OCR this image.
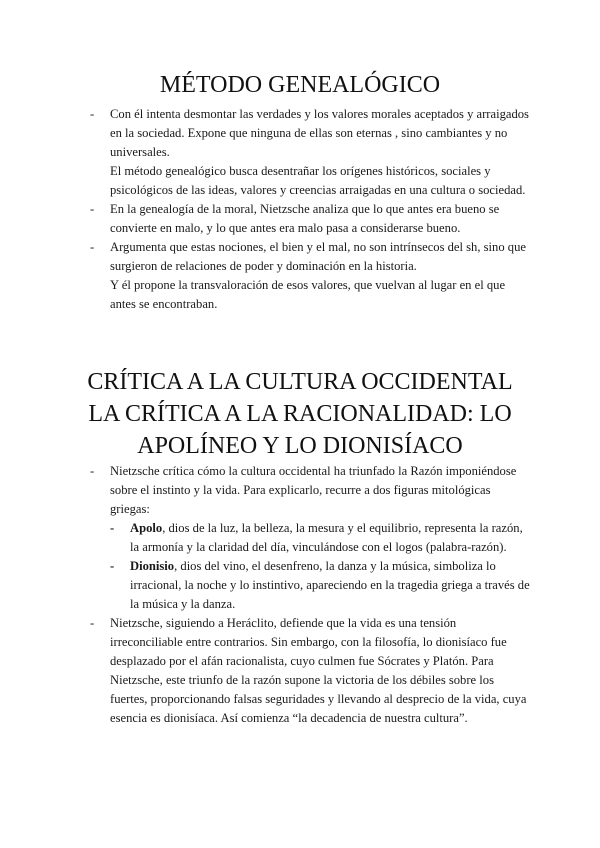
MÉTODO GENEALÓGICO
-	Con él intenta desmontar las verdades y los valores morales aceptados y arraigados en la sociedad. Expone que ninguna de ellas son eternas , sino cambiantes y no universales.

El método genealógico busca desentrañar los orígenes históricos, sociales y psicológicos de las ideas, valores y creencias arraigadas en una cultura o sociedad.

-	En la genealogía de la moral, Nietzsche analiza que lo que antes era bueno se convierte en malo, y lo que antes era malo pasa a considerarse bueno.

-	Argumenta que estas nociones, el bien y el mal, no son intrínsecos del sh, sino que surgieron de relaciones de poder y dominación en la historia.

Y él propone la transvaloración de esos valores, que vuelvan al lugar en el que antes se encontraban.

CRÍTICA A LA CULTURA OCCIDENTAL
LA CRÍTICA A LA RACIONALIDAD: LO APOLÍNEO Y LO DIONISÍACO
-	Nietzsche crítica cómo la cultura occidental ha triunfado la Razón imponiéndose sobre el instinto y la vida. Para explicarlo, recurre a dos figuras mitológicas griegas:

- Apolo, dios de la luz, la belleza, la mesura y el equilibrio, representa la razón, la armonía y la claridad del día, vinculándose con el logos (palabra-razón).

- Dionisio, dios del vino, el desenfreno, la danza y la música, simboliza lo irracional, la noche y lo instintivo, apareciendo en la tragedia griega a través de la música y la danza.

-	Nietzsche, siguiendo a Heráclito, defiende que la vida es una tensión irreconciliable entre contrarios. Sin embargo, con la filosofía, lo dionisíaco fue desplazado por el afán racionalista, cuyo culmen fue Sócrates y Platón. Para Nietzsche, este triunfo de la razón supone la victoria de los débiles sobre los fuertes, proporcionando falsas seguridades y llevando al desprecio de la vida, cuya esencia es dionisíaca. Así comienza “la decadencia de nuestra cultura”.
